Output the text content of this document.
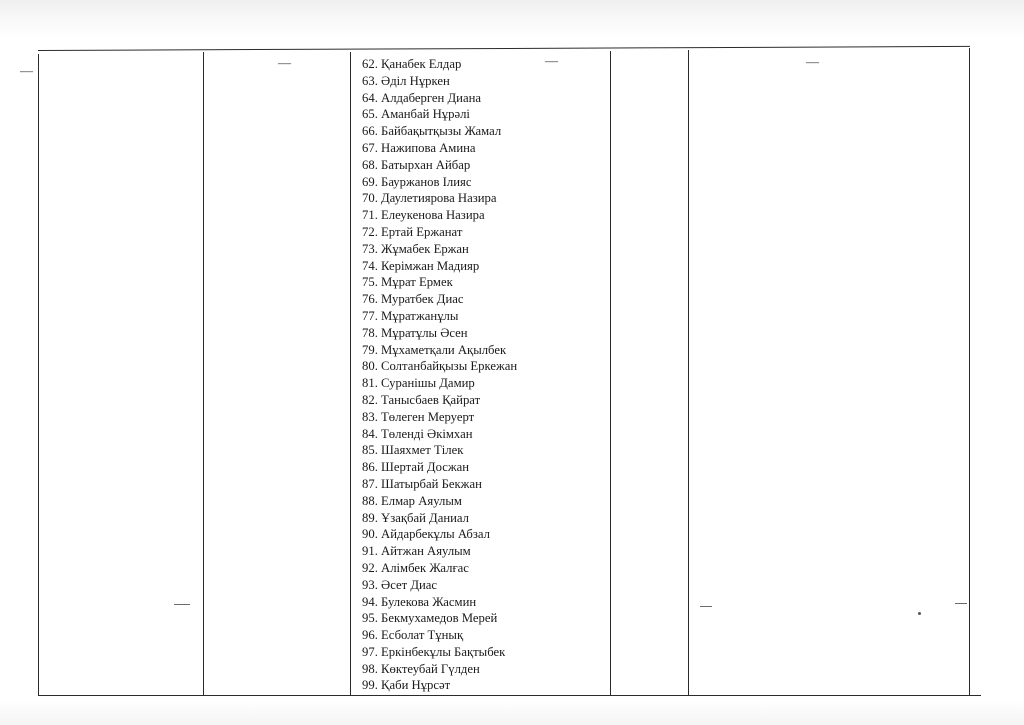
—	—	—
—	62. Қанабек Елдар
63. Әділ Нұркен
64. Алдаберген Диана
65. Аманбай Нұрәлі
66. Байбақытқызы Жамал
67. Нажипова Амина
68. Батырхан Айбар
69. Бауржанов Ілияс
70. Даулетиярова Назира
71. Елеукенова Назира
72. Ертай Ержанат
73. Жұмабек Ержан
74. Керімжан Мадияр
75. Мұрат Ермек
76. Муратбек Диас
77. Мұратжанұлы
78. Мұратұлы Әсен
79. Мұхаметқали Ақылбек
80. Солтанбайқызы Еркежан
81. Суранішы Дамир
82. Танысбаев Қайрат
83. Төлеген Меруерт
84. Төленді Әкімхан
85. Шаяхмет Тілек
86. Шертай Досжан
87. Шатырбай Бекжан
88. Елмар Аяулым
89. Ұзақбай Даниал
90. Айдарбекұлы Абзал
91. Айтжан Аяулым
92. Алімбек Жалғас
93. Әсет Диас
94. Булекова Жасмин
95. Бекмухамедов Мерей
96. Есболат Тұнық
97. Еркінбекұлы Бақтыбек
98. Көктеубай Гүлден
99. Қаби Нұрсәт
